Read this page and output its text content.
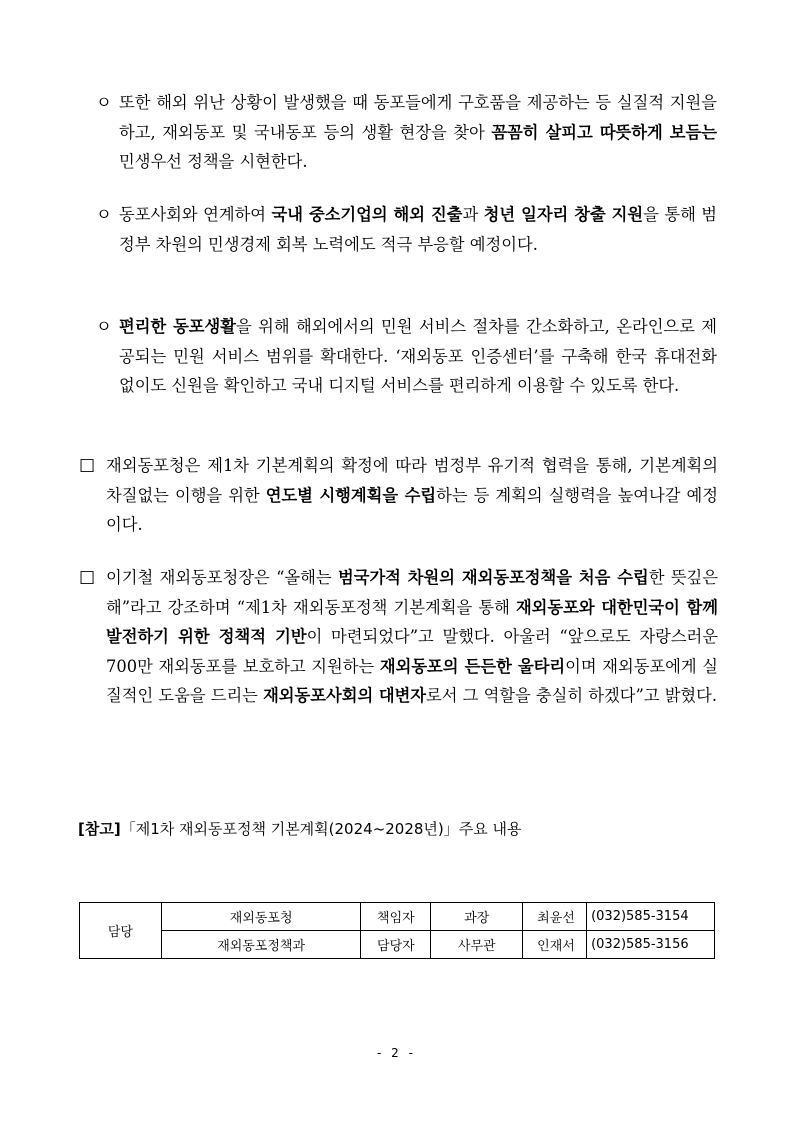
ㅇ 또한 해외 위난 상황이 발생했을 때 동포들에게 구호품을 제공하는 등 실질적 지원을 하고, 재외동포 및 국내동포 등의 생활 현장을 찾아 꼼꼼히 살피고 따뜻하게 보듬는 민생우선 정책을 시현한다.
ㅇ 동포사회와 연계하여 국내 중소기업의 해외 진출과 청년 일자리 창출 지원을 통해 범정부 차원의 민생경제 회복 노력에도 적극 부응할 예정이다.
ㅇ 편리한 동포생활을 위해 해외에서의 민원 서비스 절차를 간소화하고, 온라인으로 제공되는 민원 서비스 범위를 확대한다. ‘재외동포 인증센터’를 구축해 한국 휴대전화 없이도 신원을 확인하고 국내 디지털 서비스를 편리하게 이용할 수 있도록 한다.
□ 재외동포청은 제1차 기본계획의 확정에 따라 범정부 유기적 협력을 통해, 기본계획의 차질없는 이행을 위한 연도별 시행계획을 수립하는 등 계획의 실행력을 높여나갈 예정이다.
□ 이기철 재외동포청장은 “올해는 범국가적 차원의 재외동포정책을 처음 수립한 뜻깊은 해”라고 강조하며 “제1차 재외동포정책 기본계획을 통해 재외동포와 대한민국이 함께 발전하기 위한 정책적 기반이 마련되었다”고 말했다. 아울러 “앞으로도 자랑스러운 700만 재외동포를 보호하고 지원하는 재외동포의 든든한 울타리이며 재외동포에게 실질적인 도움을 드리는 재외동포사회의 대변자로서 그 역할을 충실히 하겠다”고 밝혔다.
[참고]「제1차 재외동포정책 기본계획(2024~2028년)」주요 내용
담당	재외동포청	책임자	과장	최윤선	(032)585-3154
	재외동포정책과	담당자	사무관	인재서	(032)585-3156
- 2 -
